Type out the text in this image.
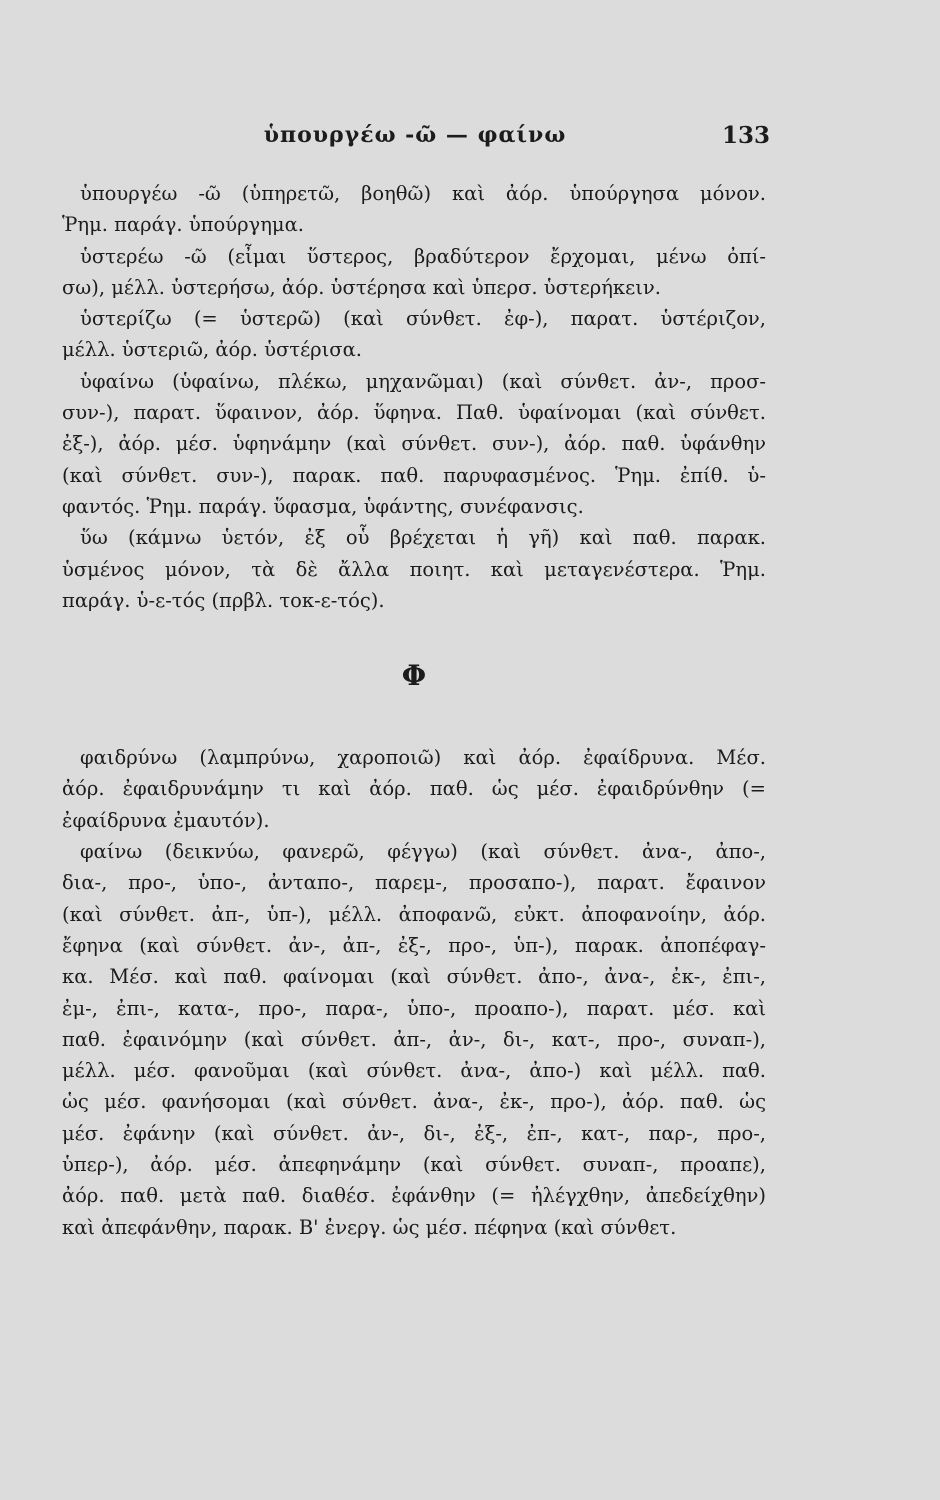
ὑπουργέω -ῶ — φαίνω	133
ὑπουργέω -ῶ (ὑπηρετῶ, βοηθῶ) καὶ ἀόρ. ὑπούργησα μόνον.
Ῥημ. παράγ. ὑπούργημα.
ὑστερέω -ῶ (εἶμαι ὕστερος, βραδύτερον ἔρχομαι, μένω ὀπί-
σω), μέλλ. ὑστερήσω, ἀόρ. ὑστέρησα καὶ ὑπερσ. ὑστερήκειν.
ὑστερίζω (= ὑστερῶ) (καὶ σύνθετ. ἐφ-), παρατ. ὑστέριζον,
μέλλ. ὑστεριῶ, ἀόρ. ὑστέρισα.
ὑφαίνω (ὑφαίνω, πλέκω, μηχανῶμαι) (καὶ σύνθετ. ἀν-, προσ-
συν-), παρατ. ὕφαινον, ἀόρ. ὕφηνα. Παθ. ὑφαίνομαι (καὶ σύνθετ.
ἐξ-), ἀόρ. μέσ. ὑφηνάμην (καὶ σύνθετ. συν-), ἀόρ. παθ. ὑφάνθην
(καὶ σύνθετ. συν-), παρακ. παθ. παρυφασμένος. Ῥημ. ἐπίθ. ὑ-
φαντός. Ῥημ. παράγ. ὕφασμα, ὑφάντης, συνέφανσις.
ὕω (κάμνω ὑετόν, ἐξ οὗ βρέχεται ἡ γῆ) καὶ παθ. παρακ.
ὑσμένος μόνον, τὰ δὲ ἄλλα ποιητ. καὶ μεταγενέστερα. Ῥημ.
παράγ. ὑ-ε-τός (πρβλ. τοκ-ε-τός).
Φ
φαιδρύνω (λαμπρύνω, χαροποιῶ) καὶ ἀόρ. ἐφαίδρυνα. Μέσ.
ἀόρ. ἐφαιδρυνάμην τι καὶ ἀόρ. παθ. ὡς μέσ. ἐφαιδρύνθην (=
ἐφαίδρυνα ἐμαυτόν).
φαίνω (δεικνύω, φανερῶ, φέγγω) (καὶ σύνθετ. ἀνα-, ἀπο-,
δια-, προ-, ὑπο-, ἀνταπο-, παρεμ-, προσαπο-), παρατ. ἔφαινον
(καὶ σύνθετ. ἀπ-, ὑπ-), μέλλ. ἀποφανῶ, εὐκτ. ἀποφανοίην, ἀόρ.
ἔφηνα (καὶ σύνθετ. ἀν-, ἀπ-, ἐξ-, προ-, ὑπ-), παρακ. ἀποπέφαγ-
κα. Μέσ. καὶ παθ. φαίνομαι (καὶ σύνθετ. ἀπο-, ἀνα-, ἐκ-, ἐπι-,
ἐμ-, ἐπι-, κατα-, προ-, παρα-, ὑπο-, προαπο-), παρατ. μέσ. καὶ
παθ. ἐφαινόμην (καὶ σύνθετ. ἀπ-, ἀν-, δι-, κατ-, προ-, συναπ-),
μέλλ. μέσ. φανοῦμαι (καὶ σύνθετ. ἀνα-, ἀπο-) καὶ μέλλ. παθ.
ὡς μέσ. φανήσομαι (καὶ σύνθετ. ἀνα-, ἐκ-, προ-), ἀόρ. παθ. ὡς
μέσ. ἐφάνην (καὶ σύνθετ. ἀν-, δι-, ἐξ-, ἐπ-, κατ-, παρ-, προ-,
ὑπερ-), ἀόρ. μέσ. ἀπεφηνάμην (καὶ σύνθετ. συναπ-, προαπε),
ἀόρ. παθ. μετὰ παθ. διαθέσ. ἐφάνθην (= ἠλέγχθην, ἀπεδείχθην)
καὶ ἀπεφάνθην, παρακ. Β' ἐνεργ. ὡς μέσ. πέφηνα (καὶ σύνθετ.
